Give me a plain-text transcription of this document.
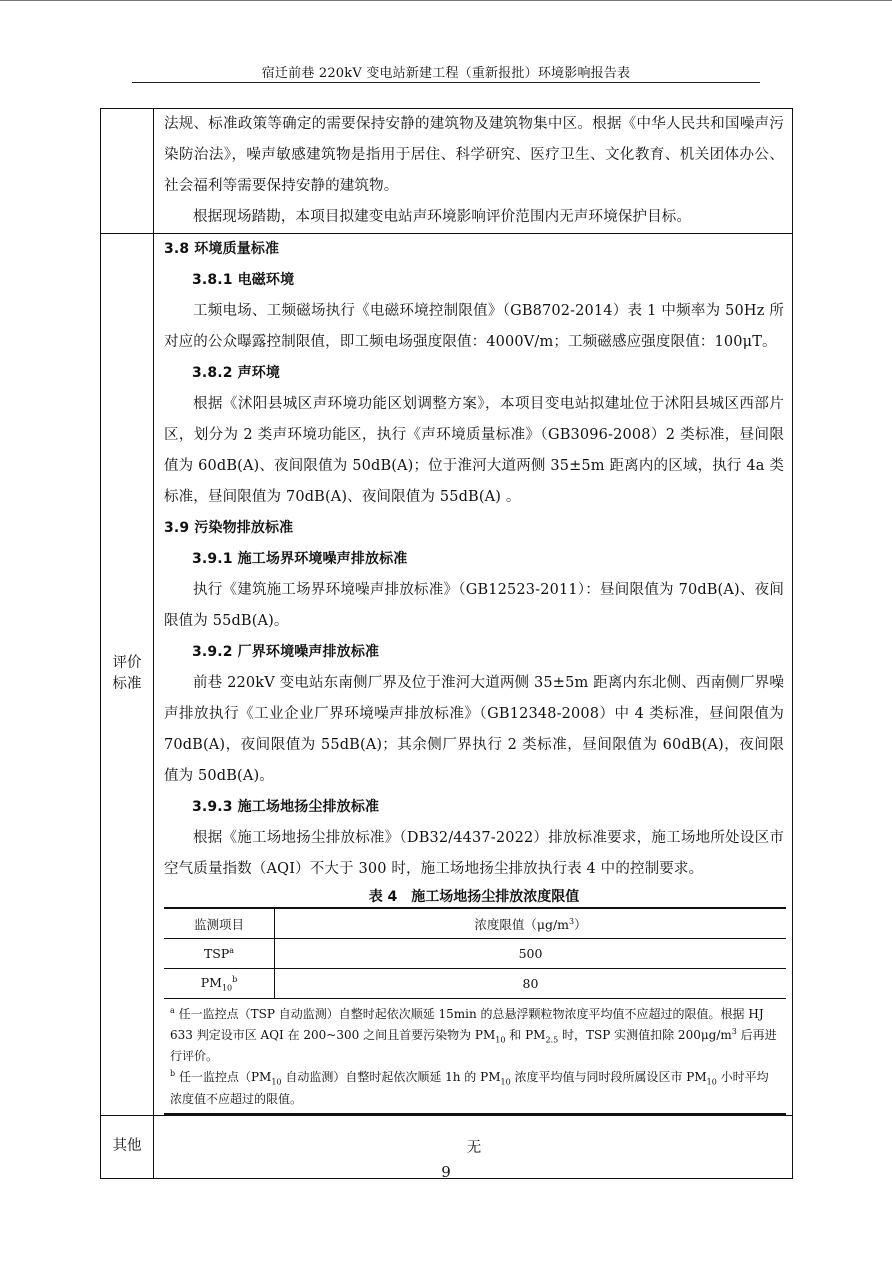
宿迁前巷 220kV 变电站新建工程（重新报批）环境影响报告表

法规、标准政策等确定的需要保持安静的建筑物及建筑物集中区。根据《中华人民共和国噪声污染防治法》，噪声敏感建筑物是指用于居住、科学研究、医疗卫生、文化教育、机关团体办公、社会福利等需要保持安静的建筑物。

根据现场踏勘，本项目拟建变电站声环境影响评价范围内无声环境保护目标。

评价标准

3.8 环境质量标准

3.8.1 电磁环境

工频电场、工频磁场执行《电磁环境控制限值》（GB8702-2014）表 1 中频率为 50Hz 所对应的公众曝露控制限值，即工频电场强度限值：4000V/m；工频磁感应强度限值：100μT。

3.8.2 声环境

根据《沭阳县城区声环境功能区划调整方案》，本项目变电站拟建址位于沭阳县城区西部片区，划分为 2 类声环境功能区，执行《声环境质量标准》（GB3096-2008）2 类标准，昼间限值为 60dB(A)、夜间限值为 50dB(A)；位于淮河大道两侧 35±5m 距离内的区域，执行 4a 类标准，昼间限值为 70dB(A)、夜间限值为 55dB(A) 。

3.9 污染物排放标准

3.9.1 施工场界环境噪声排放标准

执行《建筑施工场界环境噪声排放标准》（GB12523-2011）：昼间限值为 70dB(A)、夜间限值为 55dB(A)。

3.9.2 厂界环境噪声排放标准

前巷 220kV 变电站东南侧厂界及位于淮河大道两侧 35±5m 距离内东北侧、西南侧厂界噪声排放执行《工业企业厂界环境噪声排放标准》（GB12348-2008）中 4 类标准，昼间限值为 70dB(A)，夜间限值为 55dB(A)；其余侧厂界执行 2 类标准，昼间限值为 60dB(A)，夜间限值为 50dB(A)。

3.9.3 施工场地扬尘排放标准

根据《施工场地扬尘排放标准》（DB32/4437-2022）排放标准要求，施工场地所处设区市空气质量指数（AQI）不大于 300 时，施工场地扬尘排放执行表 4 中的控制要求。

表 4　施工场地扬尘排放浓度限值
监测项目	浓度限值$(\mu g/m^3)$
TSP$^a$	500
$PM_{10}^b$	80

$^a$ 任一监控点（TSP 自动监测）自整时起依次顺延 15min 的总悬浮颗粒物浓度平均值不应超过的限值。根据 HJ 633 判定设市区 AQI 在 200~300 之间且首要污染物为 $PM_{10}$ 和 $PM_{2.5}$ 时，TSP 实测值扣除 $200\mu g/m^3$ 后再进行评价。
$^b$ 任一监控点（$PM_{10}$ 自动监测）自整时起依次顺延 1h 的 $PM_{10}$ 浓度平均值与同时段所属设区市 $PM_{10}$ 小时平均浓度值不应超过的限值。

其他	无
9
